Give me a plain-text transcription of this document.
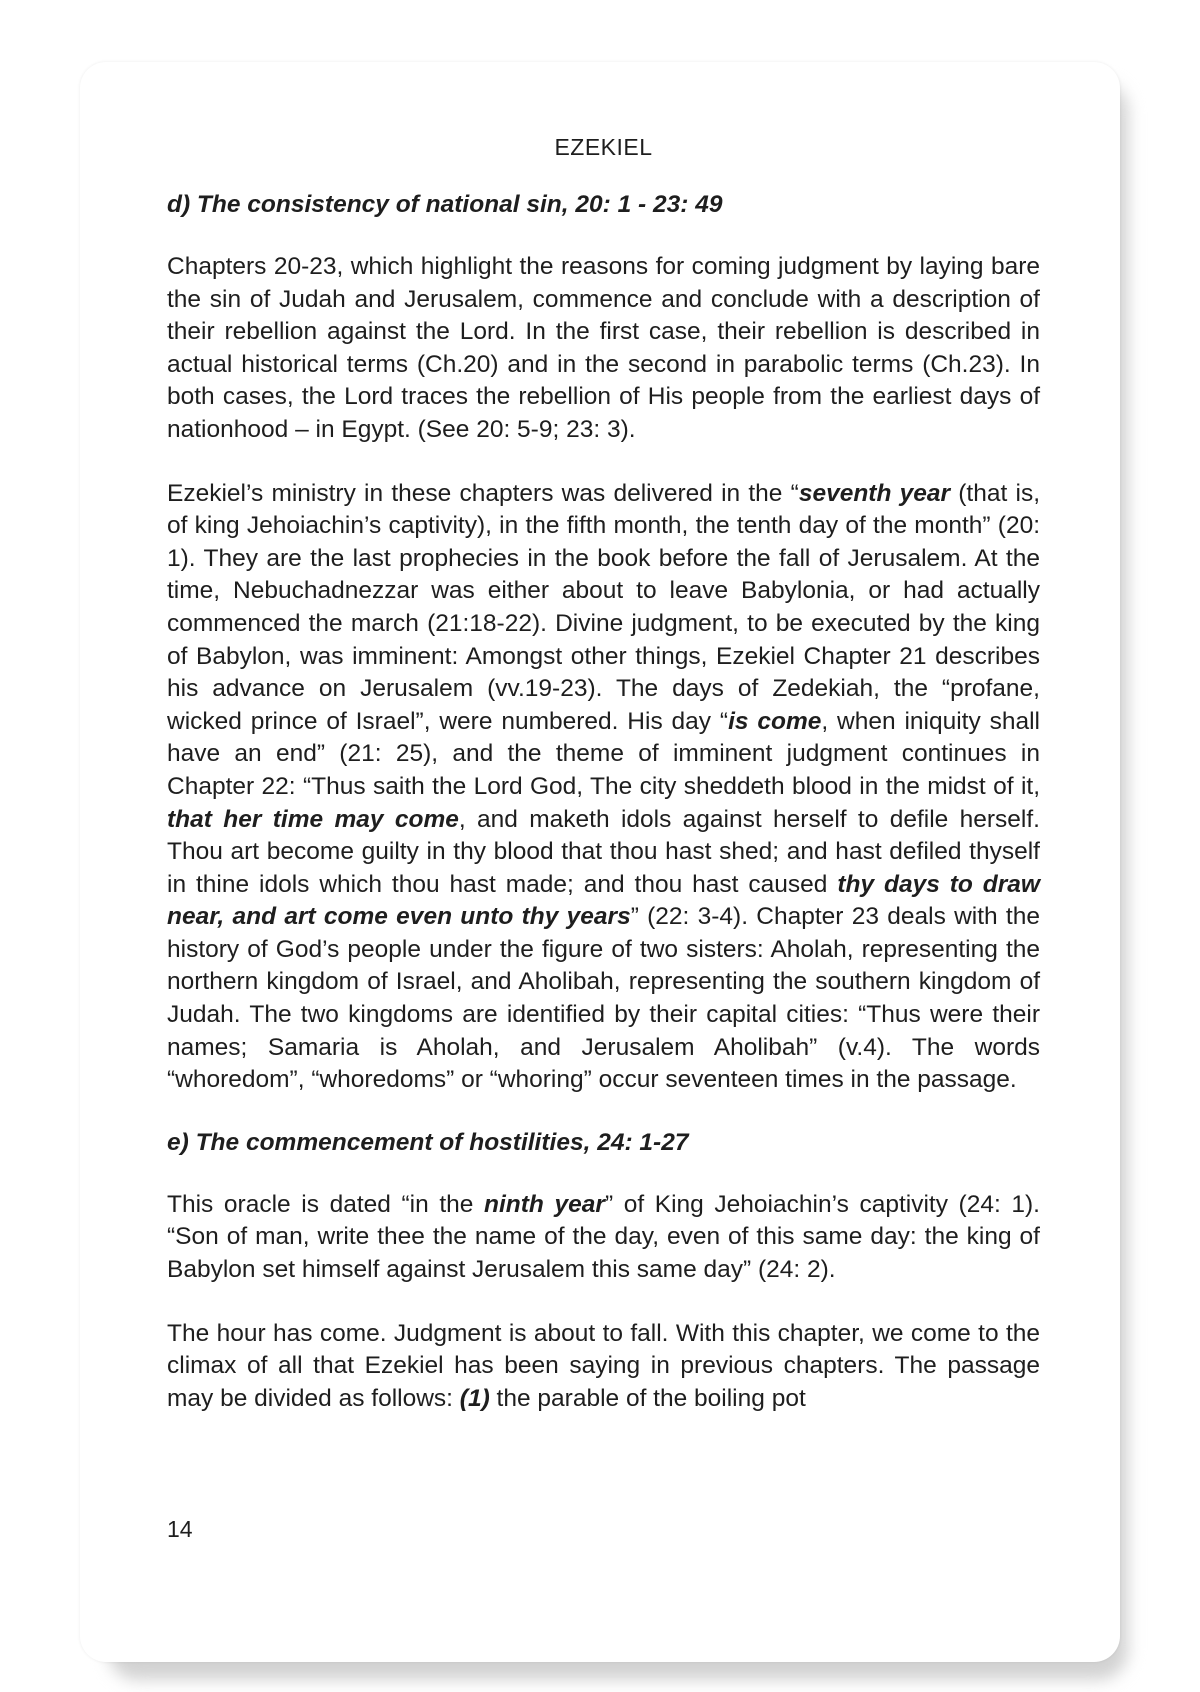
EZEKIEL
d) The consistency of national sin, 20: 1 - 23: 49

Chapters 20-23, which highlight the reasons for coming judgment by laying bare the sin of Judah and Jerusalem, commence and conclude with a description of their rebellion against the Lord. In the first case, their rebellion is described in actual historical terms (Ch.20) and in the second in parabolic terms (Ch.23). In both cases, the Lord traces the rebellion of His people from the earliest days of nationhood – in Egypt. (See 20: 5-9; 23: 3).

Ezekiel’s ministry in these chapters was delivered in the “seventh year (that is, of king Jehoiachin’s captivity), in the fifth month, the tenth day of the month” (20: 1). They are the last prophecies in the book before the fall of Jerusalem. At the time, Nebuchadnezzar was either about to leave Babylonia, or had actually commenced the march (21:18-22). Divine judgment, to be executed by the king of Babylon, was imminent: Amongst other things, Ezekiel Chapter 21 describes his advance on Jerusalem (vv.19-23). The days of Zedekiah, the “profane, wicked prince of Israel”, were numbered. His day “is come, when iniquity shall have an end” (21: 25), and the theme of imminent judgment continues in Chapter 22: “Thus saith the Lord God, The city sheddeth blood in the midst of it, that her time may come, and maketh idols against herself to defile herself. Thou art become guilty in thy blood that thou hast shed; and hast defiled thyself in thine idols which thou hast made; and thou hast caused thy days to draw near, and art come even unto thy years” (22: 3-4). Chapter 23 deals with the history of God’s people under the figure of two sisters: Aholah, representing the northern kingdom of Israel, and Aholibah, representing the southern kingdom of Judah. The two kingdoms are identified by their capital cities: “Thus were their names; Samaria is Aholah, and Jerusalem Aholibah” (v.4). The words “whoredom”, “whoredoms” or “whoring” occur seventeen times in the passage.

e) The commencement of hostilities, 24: 1-27

This oracle is dated “in the ninth year” of King Jehoiachin’s captivity (24: 1). “Son of man, write thee the name of the day, even of this same day: the king of Babylon set himself against Jerusalem this same day” (24: 2).

The hour has come. Judgment is about to fall. With this chapter, we come to the climax of all that Ezekiel has been saying in previous chapters. The passage may be divided as follows: (1) the parable of the boiling pot

14
